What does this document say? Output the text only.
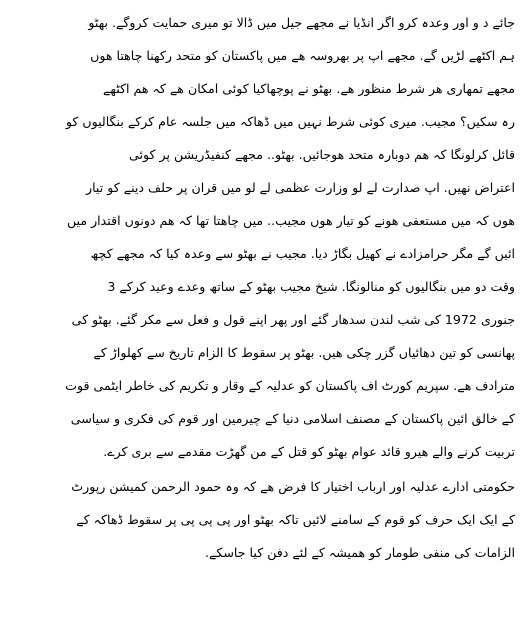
جائے د و اور وعدہ کرو اگر انڈیا نے مجھے جیل میں ڈالا تو میری حمایت کروگے. بھٹو
ہم اکٹھے لڑیں گے. مجھے اپ پر بھروسہ ھے میں پاکستان کو متحد رکھنا چاھتا ھوں
مجھے تمھاری ھر شرط منظور ھے. بھٹو نے پوچھاکیا کوئی امکان ھے کہ ھم اکٹھے
رہ سکیں؟ مجیب. میری کوئی شرط نہیں میں ڈھاکہ میں جلسہ عام کرکے بنگالیوں کو
قائل کرلونگا کہ ھم دوبارہ متحد ھوجائیں. بھٹو.. مجھے کنفیڈریشن پر کوئی
اعتراض نھیں. اپ صدارت لے لو وزارت عظمی لے لو میں قران پر حلف دینے کو تیار
ھوں کہ میں مستعفی ھونے کو تیار ھوں مجیب.. میں چاھتا تھا کہ ھم دونوں اقتدار میں
ائیں گے مگر حرامزادے نے کھیل بگاڑ دیا. مجیب نے بھٹو سے وعدہ کیا کہ مجھے کچھ
وقت دو میں بنگالیوں کو منالونگا. شیخ مجیب بھٹو کے ساتھ وعدے وعید کرکے 3
جنوری 1972 کی شب لندن سدھار گئے اور پھر اپنے قول و فعل سے مکر گئے. بھٹو کی
پھانسی کو تین دھائیاں گزر چکی ھیں. بھٹو پر سقوط کا الزام تاریخ سے کھلواڑ کے
مترادف ھے. سپریم کورٹ اف پاکستان کو عدلیہ کے وقار و تکریم کی خاطر ایٹمی قوت
کے خالق ائین پاکستان کے مصنف اسلامی دنیا کے چیرمین اور قوم کی فکری و سیاسی
تربیت کرنے والے ھیرو قائد عوام بھٹو کو قتل کے من گھڑت مقدمے سے بری کرے.
حکومتی ادارے عدلیہ اور ارباب اختیار کا فرض ھے کہ وہ حمود الرحمن کمیشن رپورٹ
کے ایک ایک حرف کو قوم کے سامنے لائیں تاکہ بھٹو اور پی پی پی پر سقوط ڈھاکہ کے
الزامات کی منفی طومار کو ھمیشہ کے لئے دفن کیا جاسکے.
